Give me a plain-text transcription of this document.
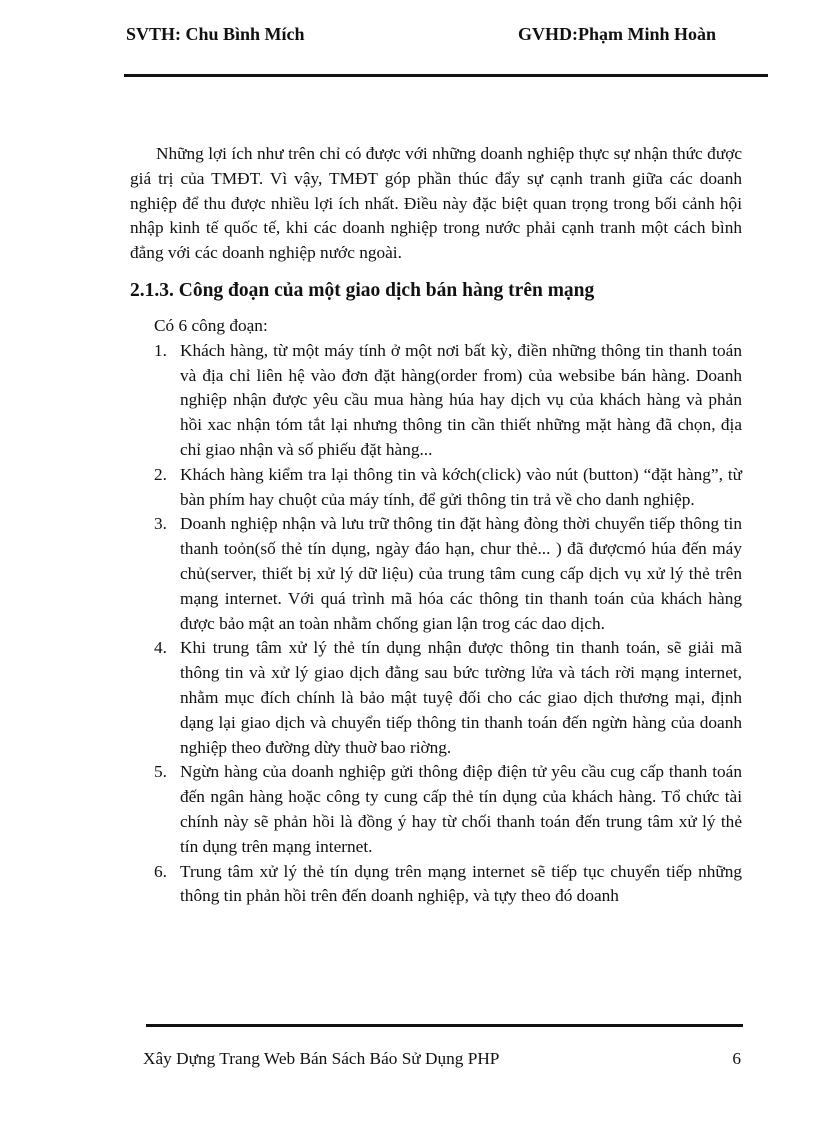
SVTH: Chu Bình Mích	GVHD:Phạm Minh Hoàn

Những lợi ích như trên chỉ có được với những doanh nghiệp thực sự nhận thức được giá trị của TMĐT. Vì vậy, TMĐT góp phần thúc đẩy sự cạnh tranh giữa các doanh nghiệp để thu được nhiều lợi ích nhất. Điều này đặc biệt quan trọng trong bối cảnh hội nhập kinh tế quốc tế, khi các doanh nghiệp trong nước phải cạnh tranh một cách bình đẳng với các doanh nghiệp nước ngoài.

2.1.3. Công đoạn của một giao dịch bán hàng trên mạng

Có 6 công đoạn:

1. Khách hàng, từ một máy tính ở một nơi bất kỳ, điền những thông tin thanh toán và địa chỉ liên hệ vào đơn đặt hàng(order from) của websibe bán hàng. Doanh nghiệp nhận được yêu cầu mua hàng húa hay dịch vụ của khách hàng và phản hồi xac nhận tóm tắt lại nhưng thông tin cần thiết những mặt hàng đã chọn, địa chỉ giao nhận và số phiếu đặt hàng...
2. Khách hàng kiểm tra lại thông tin và kớch(click) vào nút (button) “đặt hàng”, từ bàn phím hay chuột của máy tính, để gửi thông tin trả về cho danh nghiệp.
3. Doanh nghiệp nhận và lưu trữ thông tin đặt hàng đòng thời chuyển tiếp thông tin thanh toỏn(số thẻ tín dụng, ngày đáo hạn, chur thẻ... ) đã đượcmó húa đến máy chủ(server, thiết bị xử lý dữ liệu) của trung tâm cung cấp dịch vụ xử lý thẻ trên mạng internet. Với quá trình mã hóa các thông tin thanh toán của khách hàng được bảo mật an toàn nhằm chống gian lận trog các dao dịch.
4. Khi trung tâm xử lý thẻ tín dụng nhận được thông tin thanh toán, sẽ giải mã thông tin và xử lý giao dịch đằng sau bức tường lửa và tách rời mạng internet, nhằm mục đích chính là bảo mật tuyệ đối cho các giao dịch thương mại, định dạng lại giao dịch và chuyển tiếp thông tin thanh toán đến ngừn hàng của doanh nghiệp theo đường dừy thuờ bao riờng.
5. Ngừn hàng của doanh nghiệp gửi thông điệp điện tử yêu cầu cug cấp thanh toán đến ngân hàng hoặc công ty cung cấp thẻ tín dụng của khách hàng. Tổ chức tài chính này sẽ phản hồi là đồng ý hay từ chối thanh toán đến trung tâm xử lý thẻ tín dụng trên mạng internet.
6. Trung tâm xử lý thẻ tín dụng trên mạng internet sẽ tiếp tục chuyển tiếp những thông tin phản hồi trên đến doanh nghiệp, và tựy theo đó doanh
Xây Dựng Trang Web Bán Sách Báo Sử Dụng PHP	6
